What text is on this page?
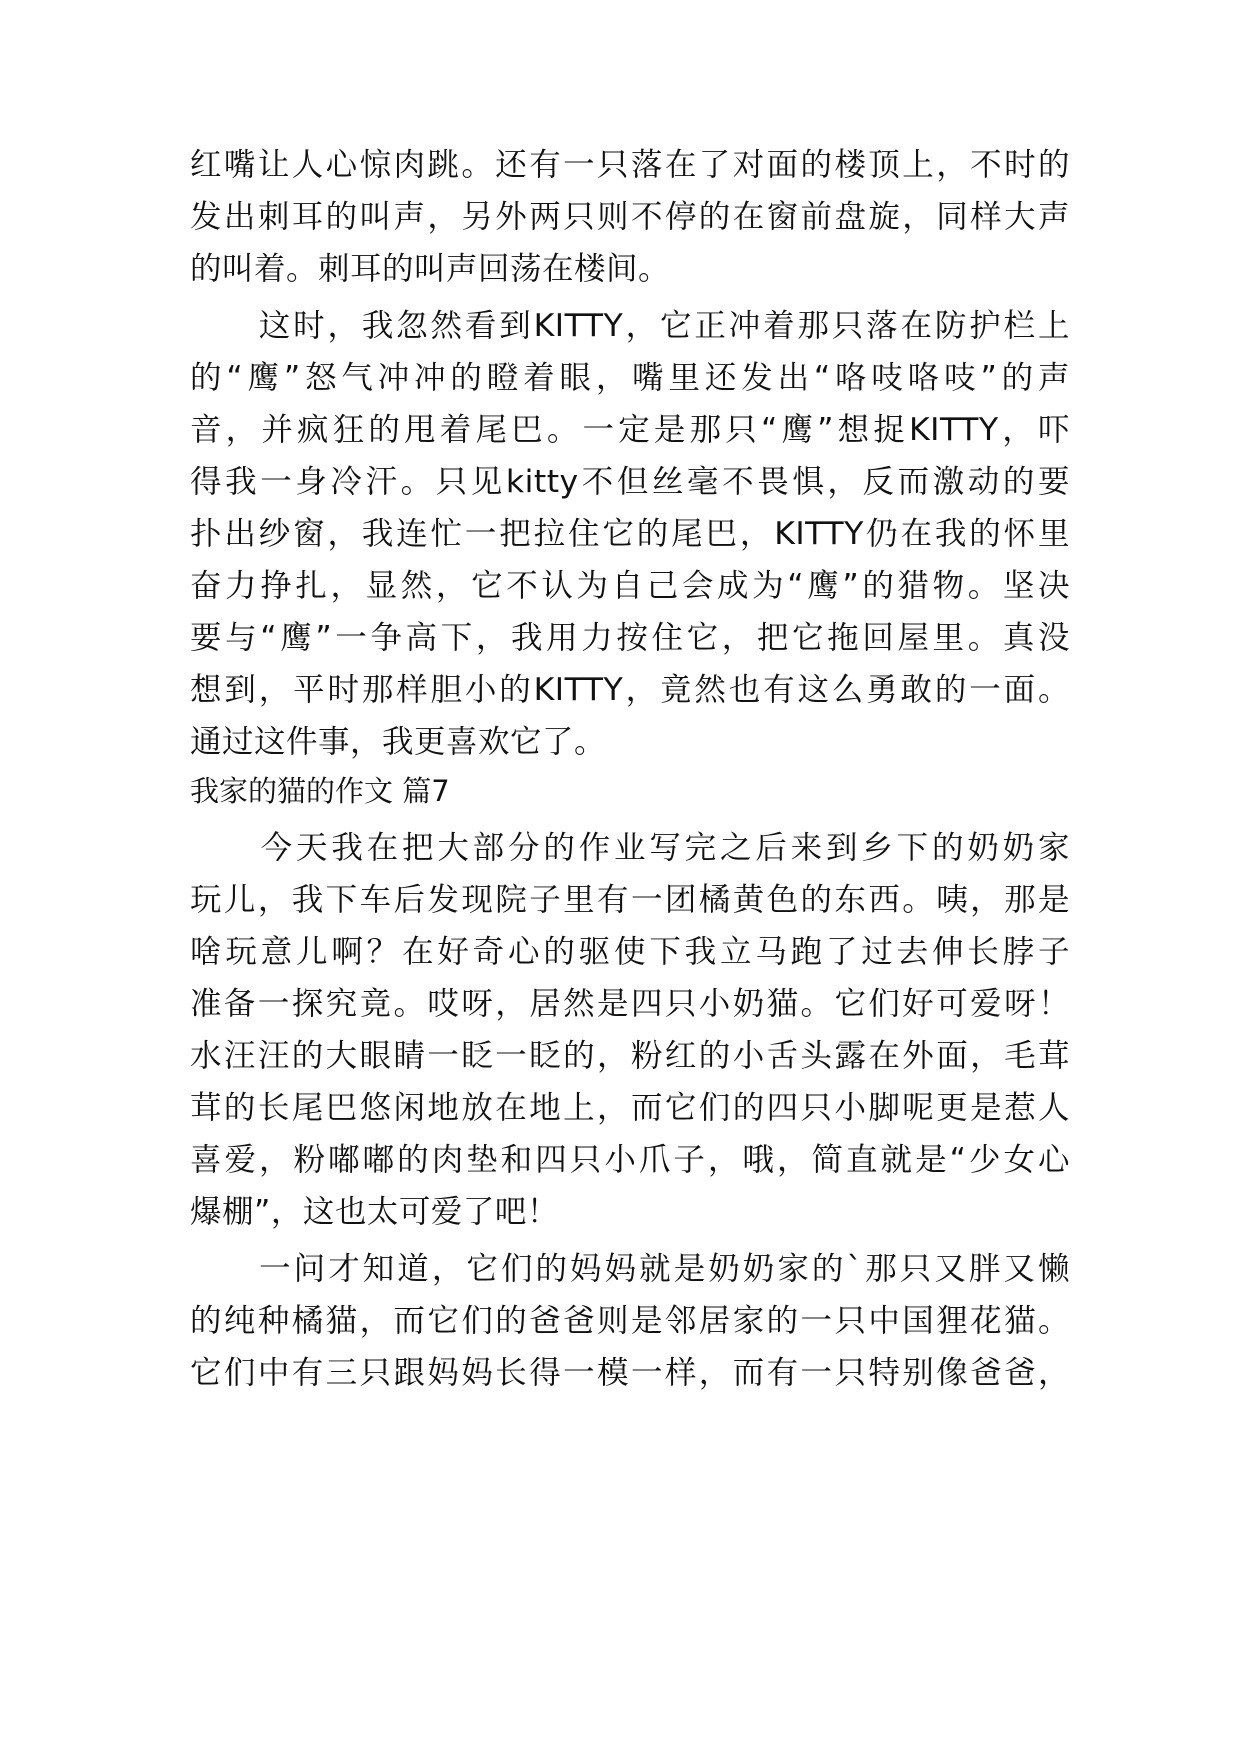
红嘴让人心惊肉跳。还有一只落在了对面的楼顶上，不时的
发出刺耳的叫声，另外两只则不停的在窗前盘旋，同样大声
的叫着。刺耳的叫声回荡在楼间。
　　这时，我忽然看到KITTY，它正冲着那只落在防护栏上
的“鹰”怒气冲冲的瞪着眼，嘴里还发出“咯吱咯吱”的声
音，并疯狂的甩着尾巴。一定是那只“鹰”想捉KITTY，吓
得我一身冷汗。只见kitty不但丝毫不畏惧，反而激动的要
扑出纱窗，我连忙一把拉住它的尾巴，KITTY仍在我的怀里
奋力挣扎，显然，它不认为自己会成为“鹰”的猎物。坚决
要与“鹰”一争高下，我用力按住它，把它拖回屋里。真没
想到，平时那样胆小的KITTY，竟然也有这么勇敢的一面。
通过这件事，我更喜欢它了。
我家的猫的作文 篇7
　　今天我在把大部分的作业写完之后来到乡下的奶奶家
玩儿，我下车后发现院子里有一团橘黄色的东西。咦，那是
啥玩意儿啊？在好奇心的驱使下我立马跑了过去伸长脖子
准备一探究竟。哎呀，居然是四只小奶猫。它们好可爱呀！
水汪汪的大眼睛一眨一眨的，粉红的小舌头露在外面，毛茸
茸的长尾巴悠闲地放在地上，而它们的四只小脚呢更是惹人
喜爱，粉嘟嘟的肉垫和四只小爪子，哦，简直就是“少女心
爆棚”，这也太可爱了吧！
　　一问才知道，它们的妈妈就是奶奶家的`那只又胖又懒
的纯种橘猫，而它们的爸爸则是邻居家的一只中国狸花猫。
它们中有三只跟妈妈长得一模一样，而有一只特别像爸爸，
